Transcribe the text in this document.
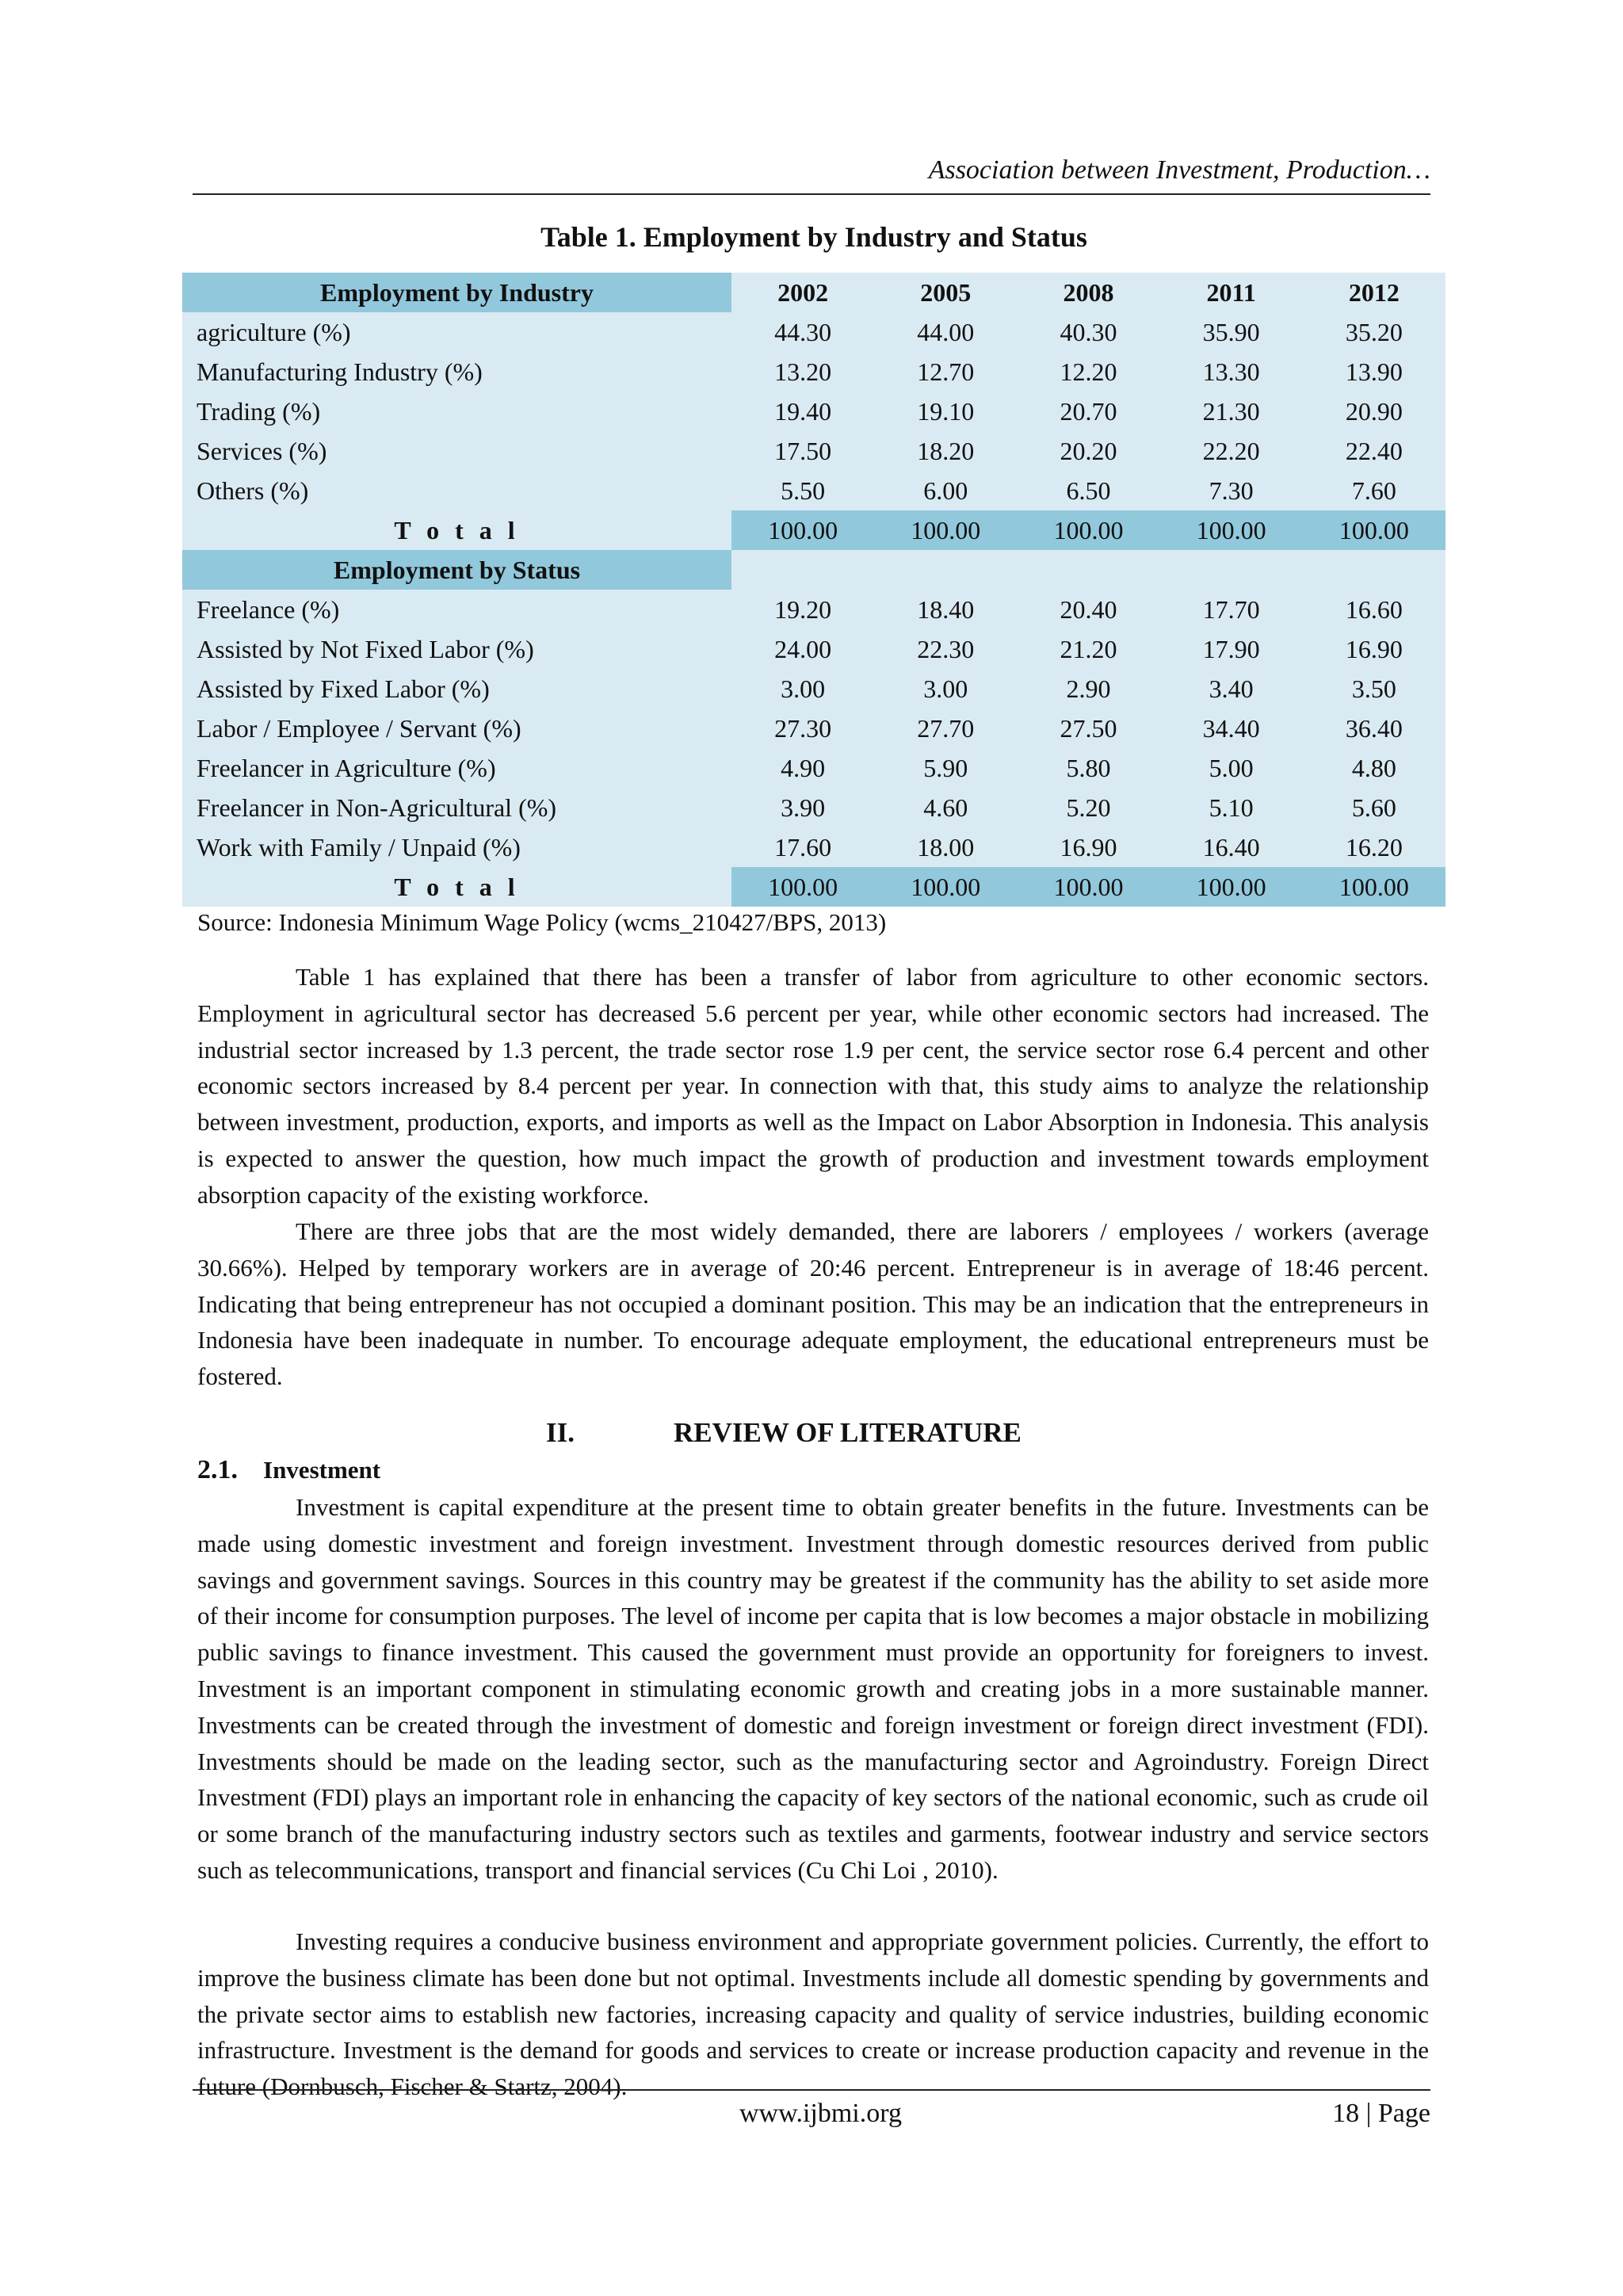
Association between Investment, Production…
Table 1. Employment by Industry and Status
Employment by Industry	2002	2005	2008	2011	2012
agriculture (%)	44.30	44.00	40.30	35.90	35.20
Manufacturing Industry (%)	13.20	12.70	12.20	13.30	13.90
Trading (%)	19.40	19.10	20.70	21.30	20.90
Services (%)	17.50	18.20	20.20	22.20	22.40
Others (%)	5.50	6.00	6.50	7.30	7.60
T o t a l	100.00	100.00	100.00	100.00	100.00
Employment by Status					
Freelance (%)	19.20	18.40	20.40	17.70	16.60
Assisted by Not Fixed Labor (%)	24.00	22.30	21.20	17.90	16.90
Assisted by Fixed Labor (%)	3.00	3.00	2.90	3.40	3.50
Labor / Employee / Servant (%)	27.30	27.70	27.50	34.40	36.40
Freelancer in Agriculture (%)	4.90	5.90	5.80	5.00	4.80
Freelancer in Non-Agricultural (%)	3.90	4.60	5.20	5.10	5.60
Work with Family / Unpaid (%)	17.60	18.00	16.90	16.40	16.20
T o t a l	100.00	100.00	100.00	100.00	100.00
Source: Indonesia Minimum Wage Policy (wcms_210427/BPS, 2013)

Table 1 has explained that there has been a transfer of labor from agriculture to other economic sectors. Employment in agricultural sector has decreased 5.6 percent per year, while other economic sectors had increased. The industrial sector increased by 1.3 percent, the trade sector rose 1.9 per cent, the service sector rose 6.4 percent and other economic sectors increased by 8.4 percent per year. In connection with that, this study aims to analyze the relationship between investment, production, exports, and imports as well as the Impact on Labor Absorption in Indonesia. This analysis is expected to answer the question, how much impact the growth of production and investment towards employment absorption capacity of the existing workforce.

There are three jobs that are the most widely demanded, there are laborers / employees / workers (average 30.66%). Helped by temporary workers are in average of 20:46 percent. Entrepreneur is in average of 18:46 percent. Indicating that being entrepreneur has not occupied a dominant position. This may be an indication that the entrepreneurs in Indonesia have been inadequate in number. To encourage adequate employment, the educational entrepreneurs must be fostered.

II.	REVIEW OF LITERATURE
2.1. Investment

Investment is capital expenditure at the present time to obtain greater benefits in the future. Investments can be made using domestic investment and foreign investment. Investment through domestic resources derived from public savings and government savings. Sources in this country may be greatest if the community has the ability to set aside more of their income for consumption purposes. The level of income per capita that is low becomes a major obstacle in mobilizing public savings to finance investment. This caused the government must provide an opportunity for foreigners to invest. Investment is an important component in stimulating economic growth and creating jobs in a more sustainable manner. Investments can be created through the investment of domestic and foreign investment or foreign direct investment (FDI). Investments should be made on the leading sector, such as the manufacturing sector and Agroindustry. Foreign Direct Investment (FDI) plays an important role in enhancing the capacity of key sectors of the national economic, such as crude oil or some branch of the manufacturing industry sectors such as textiles and garments, footwear industry and service sectors such as telecommunications, transport and financial services (Cu Chi Loi , 2010).

Investing requires a conducive business environment and appropriate government policies. Currently, the effort to improve the business climate has been done but not optimal. Investments include all domestic spending by governments and the private sector aims to establish new factories, increasing capacity and quality of service industries, building economic infrastructure. Investment is the demand for goods and services to create or increase production capacity and revenue in the future (Dornbusch, Fischer & Startz, 2004).

www.ijbmi.org	18 | Page
